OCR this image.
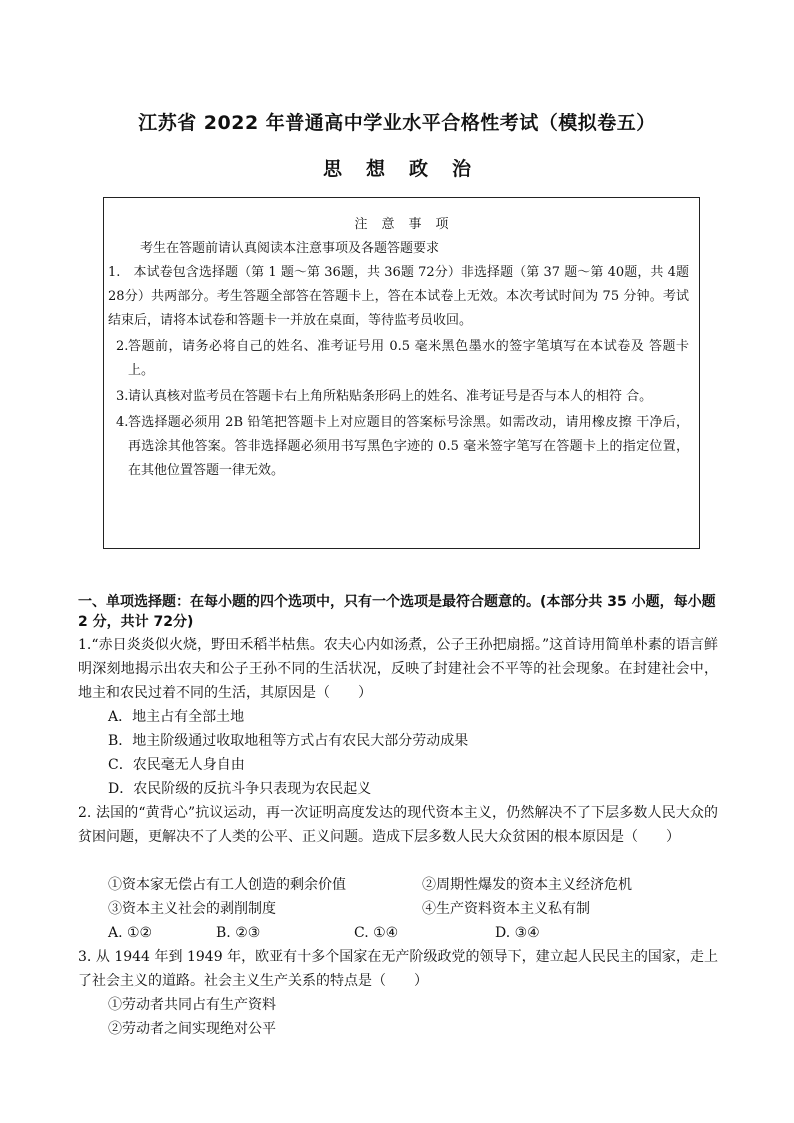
江苏省 2022 年普通高中学业水平合格性考试（模拟卷五）
思想政治
注意事项
考生在答题前请认真阅读本注意事项及各题答题要求
1.　本试卷包含选择题（第 1 题～第 36题，共 36题 72分）非选择题（第 37 题～第 40题，共 4题 28分）共两部分。考生答题全部答在答题卡上，答在本试卷上无效。本次考试时间为 75 分钟。考试结束后，请将本试卷和答题卡一并放在桌面，等待监考员收回。
2. 答题前，请务必将自己的姓名、准考证号用 0.5 毫米黑色墨水的签字笔填写在本试卷及 答题卡上。
3. 请认真核对监考员在答题卡右上角所粘贴条形码上的姓名、准考证号是否与本人的相符 合。
4. 答选择题必须用 2B 铅笔把答题卡上对应题目的答案标号涂黑。如需改动，请用橡皮擦 干净后，再选涂其他答案。答非选择题必须用书写黑色字迹的 0.5 毫米签字笔写在答题卡上的指定位置，在其他位置答题一律无效。
一、单项选择题：在每小题的四个选项中，只有一个选项是最符合题意的。(本部分共 35 小题，每小题 2 分，共计 72分)
1.“赤日炎炎似火烧，野田禾稻半枯焦。农夫心内如汤煮，公子王孙把扇摇。”这首诗用简单朴素的语言鲜明深刻地揭示出农夫和公子王孙不同的生活状况，反映了封建社会不平等的社会现象。在封建社会中，地主和农民过着不同的生活，其原因是（　　）
A．地主占有全部土地
B．地主阶级通过收取地租等方式占有农民大部分劳动成果
C．农民毫无人身自由
D．农民阶级的反抗斗争只表现为农民起义
2. 法国的“黄背心”抗议运动，再一次证明高度发达的现代资本主义，仍然解决不了下层多数人民大众的贫困问题，更解决不了人类的公平、正义问题。造成下层多数人民大众贫困的根本原因是（　　）
①资本家无偿占有工人创造的剩余价值	②周期性爆发的资本主义经济危机
③资本主义社会的剥削制度	④生产资料资本主义私有制
A. ①②	B. ②③	C. ①④	D. ③④
3. 从 1944 年到 1949 年，欧亚有十多个国家在无产阶级政党的领导下，建立起人民民主的国家，走上了社会主义的道路。社会主义生产关系的特点是（　　）
①劳动者共同占有生产资料
②劳动者之间实现绝对公平
